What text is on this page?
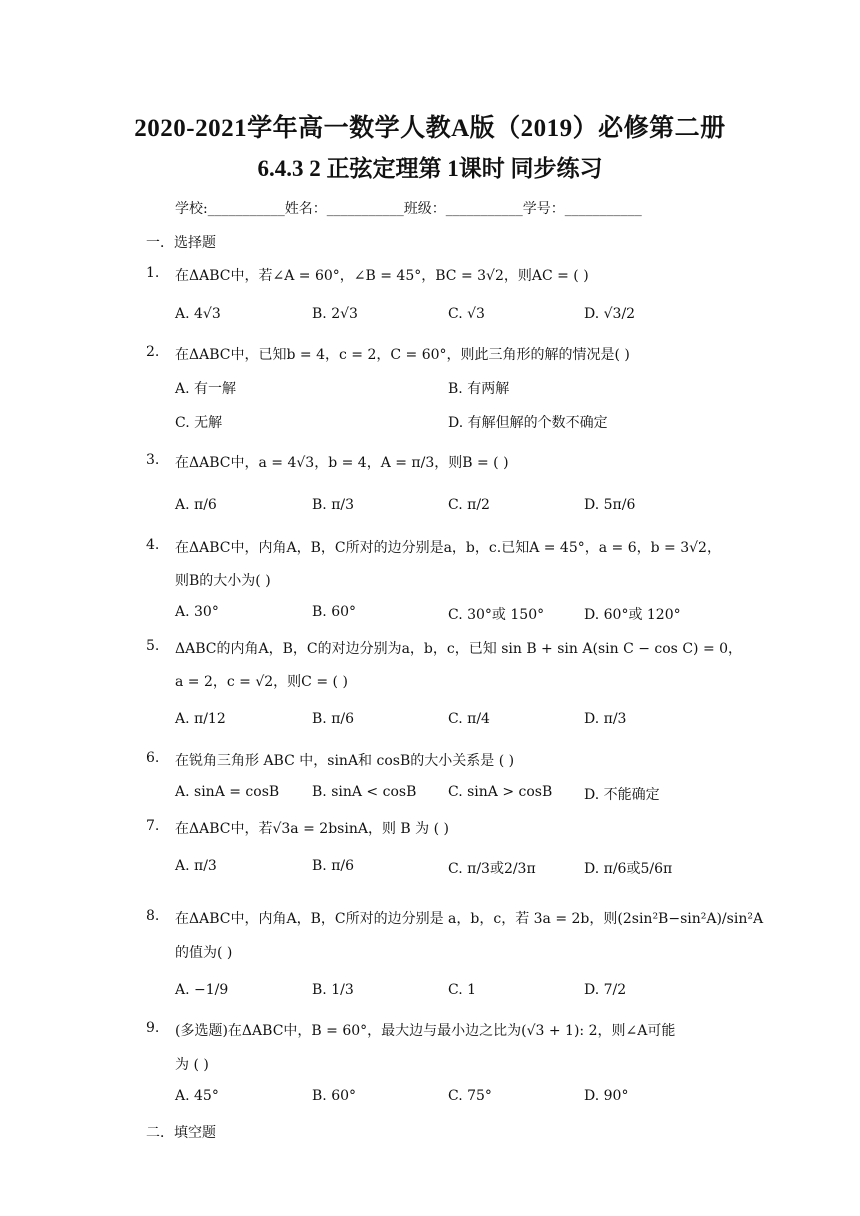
2020-2021学年高一数学人教A版（2019）必修第二册
6.4.3 2 正弦定理第 1课时 同步练习
学校:___________姓名：___________班级：___________学号：___________
一．选择题
1. 在ΔABC中，若∠A = 60°，∠B = 45°，BC = 3√2，则AC = ( )
A. 4√3	B. 2√3	C. √3	D. √3/2
2. 在ΔABC中，已知b = 4，c = 2，C = 60°，则此三角形的解的情况是( )
A. 有一解	B. 有两解
C. 无解	D. 有解但解的个数不确定
3. 在ΔABC中，a = 4√3，b = 4，A = π/3，则B = ( )
A. π/6	B. π/3	C. π/2	D. 5π/6
4. 在ΔABC中，内角A，B，C所对的边分别是a，b，c.已知A = 45°，a = 6，b = 3√2，
则B的大小为( )
A. 30°	B. 60°	C. 30°或 150°	D. 60°或 120°
5. ΔABC的内角A，B，C的对边分别为a，b，c，已知 sin B + sin A(sin C − cos C) = 0，
a = 2，c = √2，则C = ( )
A. π/12	B. π/6	C. π/4	D. π/3
6. 在锐角三角形 ABC 中，sinA和 cosB的大小关系是 ( )
A. sinA = cosB B. sinA < cosB C. sinA > cosB D. 不能确定
7. 在ΔABC中，若√3a = 2bsinA，则 B 为 ( )
A. π/3	B. π/6	C. π/3或2/3π	D. π/6或5/6π
8. 在ΔABC中，内角A，B，C所对的边分别是 a，b，c，若 3a = 2b，则(2sin²B−sin²A)/sin²A
的值为( )
A. −1/9	B. 1/3	C. 1	D. 7/2
9. (多选题)在ΔABC中，B = 60°，最大边与最小边之比为(√3 + 1): 2，则∠A可能
为 ( )
A. 45°	B. 60°	C. 75°	D. 90°
二．填空题
